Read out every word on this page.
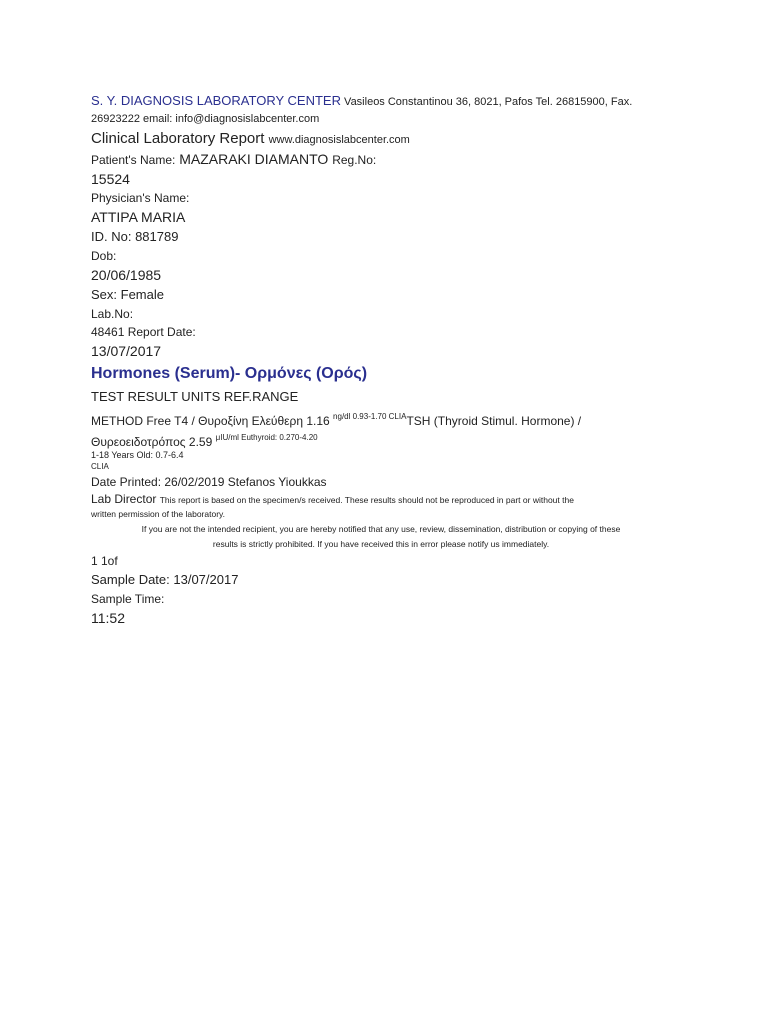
S. Y. DIAGNOSIS LABORATORY CENTER Vasileos Constantinou 36, 8021, Pafos Tel. 26815900, Fax.
26923222 email: info@diagnosislabcenter.com
Clinical Laboratory Report www.diagnosislabcenter.com
Patient's Name: MAZARAKI DIAMANTO Reg.No:
15524
Physician's Name:
ATTIPA MARIA
ID. No: 881789
Dob:
20/06/1985
Sex: Female
Lab.No:
48461 Report Date:
13/07/2017
Hormones (Serum)- Ορμόνες (Ορός)
TEST RESULT UNITS REF.RANGE
METHOD Free T4 / Θυροξίνη Ελεύθερη 1.16 $^{ng/dl 0.93-1.70}$ $^{CLIA}$TSH (Thyroid Stimul. Hormone) /
Θυρεοειδοτρόπος 2.59 $^{\mu IU/ml Euthyroid: 0.270-4.20}$
1-18 Years Old: 0.7-6.4
CLIA
Date Printed: 26/02/2019 Stefanos Yioukkas
Lab Director This report is based on the specimen/s received. These results should not be reproduced in part or without the
written permission of the laboratory.
If you are not the intended recipient, you are hereby notified that any use, review, dissemination, distribution or copying of these
results is strictly prohibited. If you have received this in error please notify us immediately.
1 1of
Sample Date: 13/07/2017
Sample Time:
11:52
